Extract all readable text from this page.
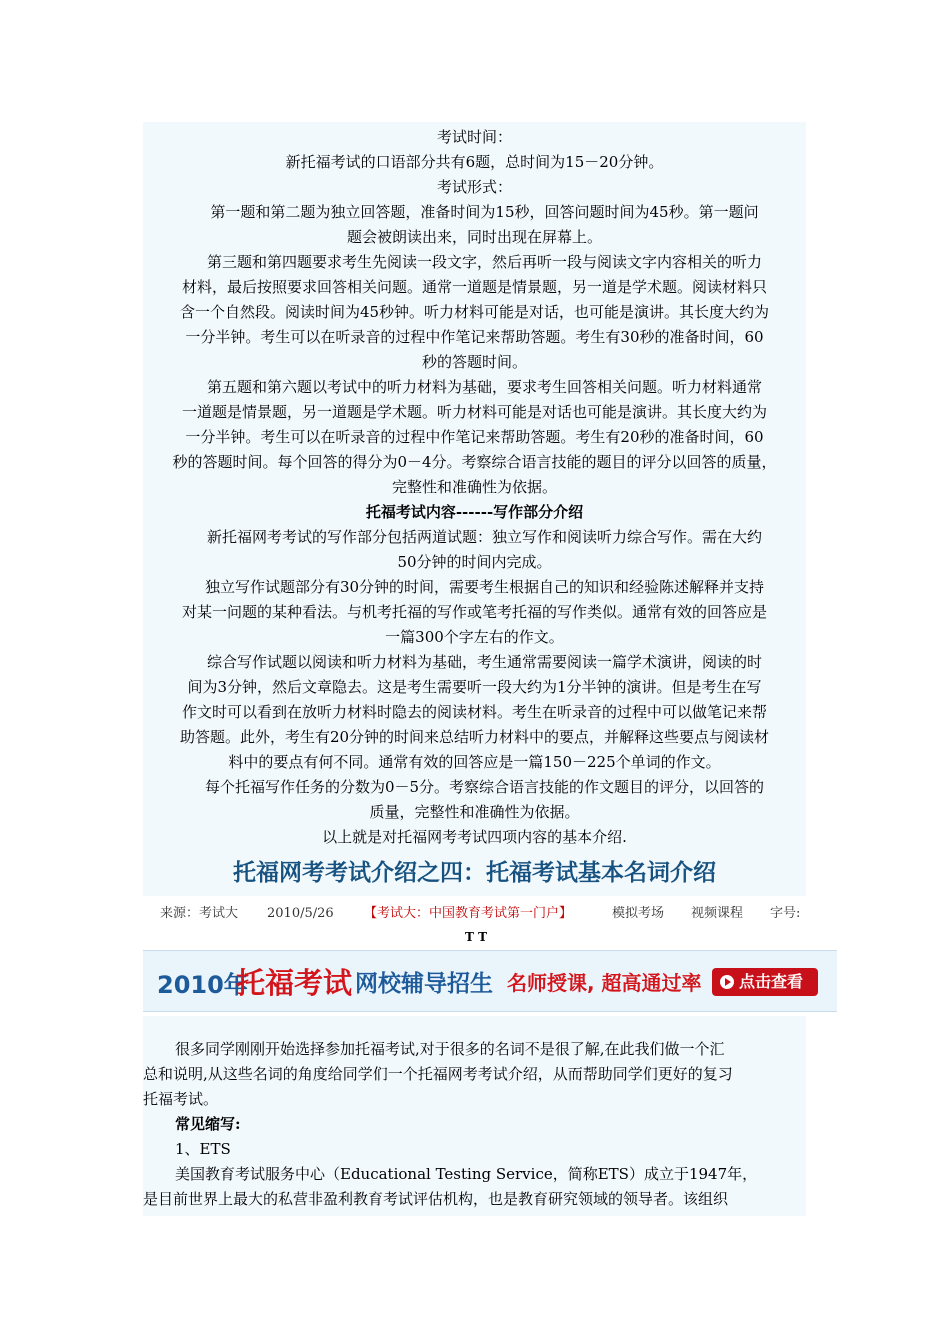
考试时间：
新托福考试的口语部分共有6题，总时间为15－20分钟。
考试形式：
第一题和第二题为独立回答题，准备时间为15秒，回答问题时间为45秒。第一题问
题会被朗读出来，同时出现在屏幕上。
第三题和第四题要求考生先阅读一段文字，然后再听一段与阅读文字内容相关的听力
材料，最后按照要求回答相关问题。通常一道题是情景题，另一道是学术题。阅读材料只
含一个自然段。阅读时间为45秒钟。听力材料可能是对话，也可能是演讲。其长度大约为
一分半钟。考生可以在听录音的过程中作笔记来帮助答题。考生有30秒的准备时间，60
秒的答题时间。
第五题和第六题以考试中的听力材料为基础，要求考生回答相关问题。听力材料通常
一道题是情景题，另一道题是学术题。听力材料可能是对话也可能是演讲。其长度大约为
一分半钟。考生可以在听录音的过程中作笔记来帮助答题。考生有20秒的准备时间，60
秒的答题时间。每个回答的得分为0－4分。考察综合语言技能的题目的评分以回答的质量，
完整性和准确性为依据。
托福考试内容------写作部分介绍
新托福网考考试的写作部分包括两道试题：独立写作和阅读听力综合写作。需在大约
50分钟的时间内完成。
独立写作试题部分有30分钟的时间，需要考生根据自己的知识和经验陈述解释并支持
对某一问题的某种看法。与机考托福的写作或笔考托福的写作类似。通常有效的回答应是
一篇300个字左右的作文。
综合写作试题以阅读和听力材料为基础，考生通常需要阅读一篇学术演讲，阅读的时
间为3分钟，然后文章隐去。这是考生需要听一段大约为1分半钟的演讲。但是考生在写
作文时可以看到在放听力材料时隐去的阅读材料。考生在听录音的过程中可以做笔记来帮
助答题。此外，考生有20分钟的时间来总结听力材料中的要点，并解释这些要点与阅读材
料中的要点有何不同。通常有效的回答应是一篇150－225个单词的作文。
每个托福写作任务的分数为0－5分。考察综合语言技能的作文题目的评分，以回答的
质量，完整性和准确性为依据。
以上就是对托福网考考试四项内容的基本介绍.
托福网考考试介绍之四：托福考试基本名词介绍
来源：考试大 2010/5/26 【考试大：中国教育考试第一门户】	模拟考场 视频课程 字号:
T T
2010年
托福考试 网校辅导招生 名师授课, 超高通过率 点击查看
很多同学刚刚开始选择参加托福考试,对于很多的名词不是很了解,在此我们做一个汇
总和说明,从这些名词的角度给同学们一个托福网考考试介绍，从而帮助同学们更好的复习
托福考试。
常见缩写:
1、ETS
美国教育考试服务中心（Educational Testing Service，简称ETS）成立于1947年，
是目前世界上最大的私营非盈利教育考试评估机构，也是教育研究领域的领导者。该组织
